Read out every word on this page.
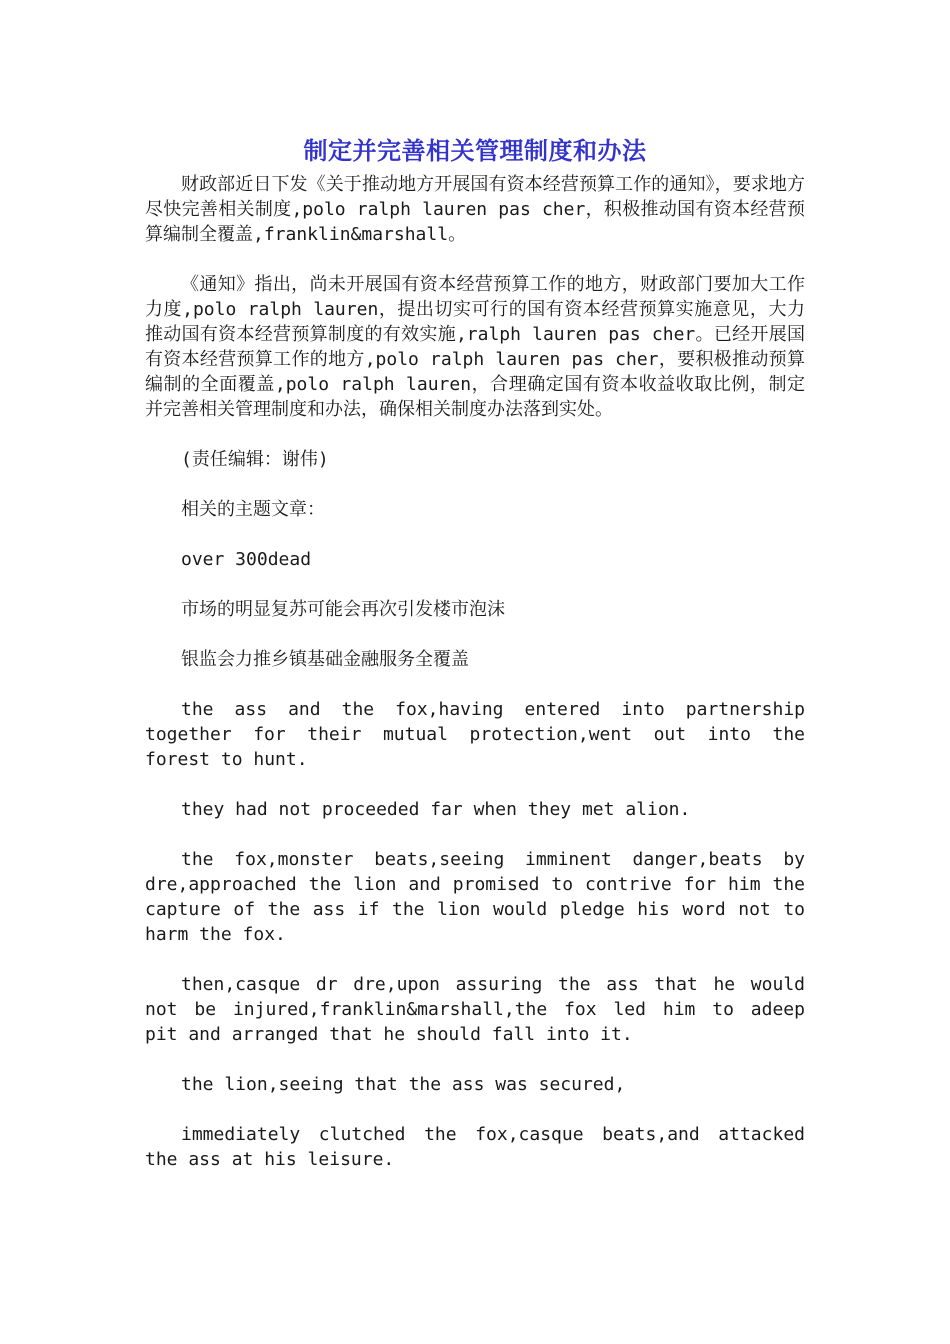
制定并完善相关管理制度和办法

财政部近日下发《关于推动地方开展国有资本经营预算工作的通知》，要求地方尽快完善相关制度,polo ralph lauren pas cher，积极推动国有资本经营预算编制全覆盖,franklin&marshall。

《通知》指出，尚未开展国有资本经营预算工作的地方，财政部门要加大工作力度,polo ralph lauren，提出切实可行的国有资本经营预算实施意见，大力推动国有资本经营预算制度的有效实施,ralph lauren pas cher。已经开展国有资本经营预算工作的地方,polo ralph lauren pas cher，要积极推动预算编制的全面覆盖,polo ralph lauren，合理确定国有资本收益收取比例，制定并完善相关管理制度和办法，确保相关制度办法落到实处。

(责任编辑：谢伟)

相关的主题文章：

over 300dead

市场的明显复苏可能会再次引发楼市泡沫

银监会力推乡镇基础金融服务全覆盖

the ass and the fox,having entered into partnership together for their mutual protection,went out into the forest to hunt.

they had not proceeded far when they met alion.

the fox,monster beats,seeing imminent danger,beats by dre,approached the lion and promised to contrive for him the capture of the ass if the lion would pledge his word not to harm the fox.

then,casque dr dre,upon assuring the ass that he would not be injured,franklin&marshall,the fox led him to adeep pit and arranged that he should fall into it.

the lion,seeing that the ass was secured,

immediately clutched the fox,casque beats,and attacked the ass at his leisure.
